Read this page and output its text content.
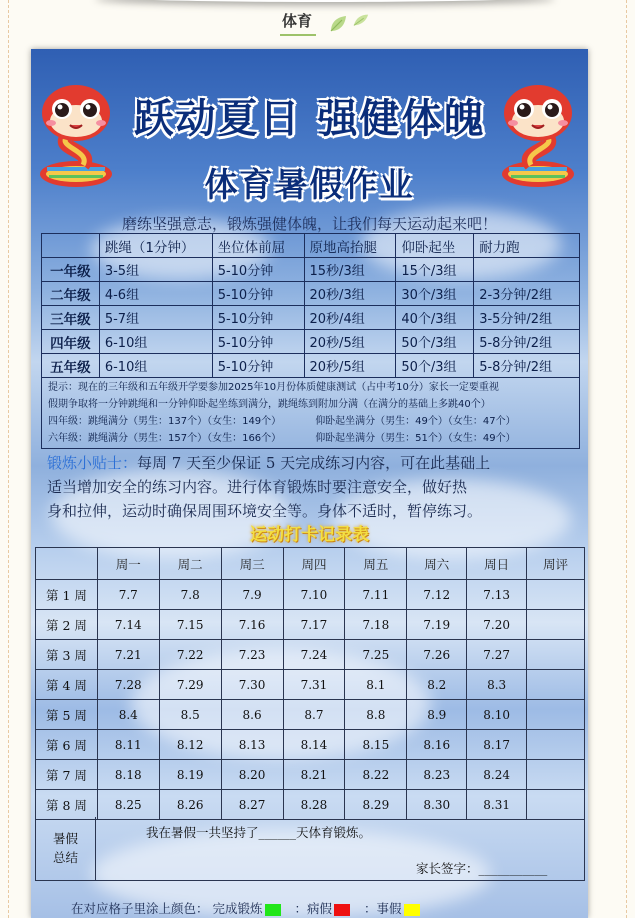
体育
跃动夏日 强健体魄
体育暑假作业
磨练坚强意志，锻炼强健体魄，让我们每天运动起来吧！
	跳绳（1分钟）	坐位体前屈	原地高抬腿	仰卧起坐	耐力跑
一年级	3-5组	5-10分钟	15秒/3组	15个/3组	
二年级	4-6组	5-10分钟	20秒/3组	30个/3组	2-3分钟/2组
三年级	5-7组	5-10分钟	20秒/4组	40个/3组	3-5分钟/2组
四年级	6-10组	5-10分钟	20秒/5组	50个/3组	5-8分钟/2组
五年级	6-10组	5-10分钟	20秒/5组	50个/3组	5-8分钟/2组
提示：现在的三年级和五年级开学要参加2025年10月份体质健康测试（占中考10分）家长一定要重视
假期争取将一分钟跳绳和一分钟仰卧起坐练到满分，跳绳练到附加分满（在满分的基础上多跳40个）
四年级：跳绳满分（男生：137个）（女生：149个）	仰卧起坐满分（男生：49个）（女生：47个）
六年级：跳绳满分（男生：157个）（女生：166个）	仰卧起坐满分（男生：51个）（女生：49个）
锻炼小贴士：每周 7 天至少保证 5 天完成练习内容，可在此基础上
适当增加安全的练习内容。进行体育锻炼时要注意安全，做好热
身和拉伸，运动时确保周围环境安全等。身体不适时，暂停练习。
运动打卡记录表
	周一	周二	周三	周四	周五	周六	周日	周评
第 1 周	7.7	7.8	7.9	7.10	7.11	7.12	7.13	
第 2 周	7.14	7.15	7.16	7.17	7.18	7.19	7.20	
第 3 周	7.21	7.22	7.23	7.24	7.25	7.26	7.27	
第 4 周	7.28	7.29	7.30	7.31	8.1	8.2	8.3	
第 5 周	8.4	8.5	8.6	8.7	8.8	8.9	8.10	
第 6 周	8.11	8.12	8.13	8.14	8.15	8.16	8.17	
第 7 周	8.18	8.19	8.20	8.21	8.22	8.23	8.24	
第 8 周	8.25	8.26	8.27	8.28	8.29	8.30	8.31	
暑假
总结
我在暑假一共坚持了______天体育锻炼。
家长签字：___________
在对应格子里涂上颜色： 完成锻炼	：病假	：事假
